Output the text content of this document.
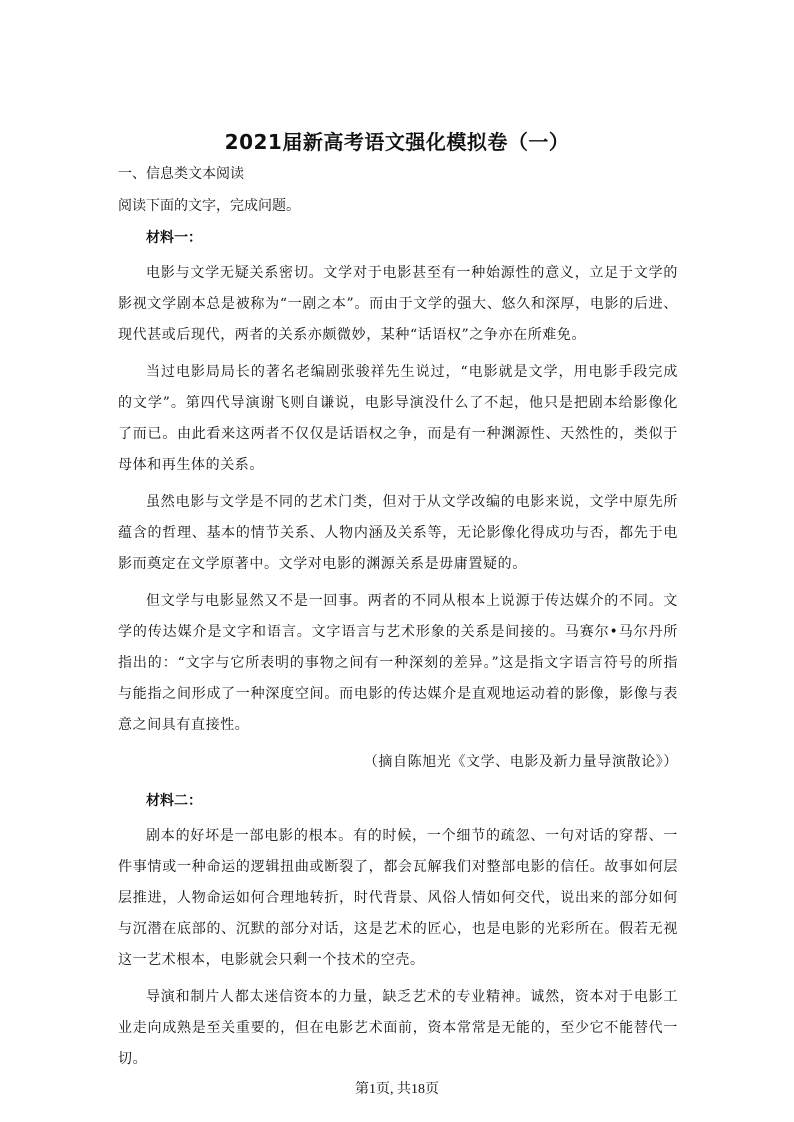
2021届新高考语文强化模拟卷（一）
一、信息类文本阅读
阅读下面的文字，完成问题。
材料一：

电影与文学无疑关系密切。文学对于电影甚至有一种始源性的意义，立足于文学的影视文学剧本总是被称为“一剧之本”。而由于文学的强大、悠久和深厚，电影的后进、现代甚或后现代，两者的关系亦颇微妙，某种“话语权”之争亦在所难免。

当过电影局局长的著名老编剧张骏祥先生说过，“电影就是文学，用电影手段完成的文学”。第四代导演谢飞则自谦说，电影导演没什么了不起，他只是把剧本给影像化了而已。由此看来这两者不仅仅是话语权之争，而是有一种渊源性、天然性的，类似于母体和再生体的关系。

虽然电影与文学是不同的艺术门类，但对于从文学改编的电影来说，文学中原先所蕴含的哲理、基本的情节关系、人物内涵及关系等，无论影像化得成功与否，都先于电影而奠定在文学原著中。文学对电影的渊源关系是毋庸置疑的。

但文学与电影显然又不是一回事。两者的不同从根本上说源于传达媒介的不同。文学的传达媒介是文字和语言。文字语言与艺术形象的关系是间接的。马赛尔•马尔丹所指出的：“文字与它所表明的事物之间有一种深刻的差异。”这是指文字语言符号的所指与能指之间形成了一种深度空间。而电影的传达媒介是直观地运动着的影像，影像与表意之间具有直接性。

（摘自陈旭光《文学、电影及新力量导演散论》）
材料二：

剧本的好坏是一部电影的根本。有的时候，一个细节的疏忽、一句对话的穿帮、一件事情或一种命运的逻辑扭曲或断裂了，都会瓦解我们对整部电影的信任。故事如何层层推进，人物命运如何合理地转折，时代背景、风俗人情如何交代，说出来的部分如何与沉潜在底部的、沉默的部分对话，这是艺术的匠心，也是电影的光彩所在。假若无视这一艺术根本，电影就会只剩一个技术的空壳。

导演和制片人都太迷信资本的力量，缺乏艺术的专业精神。诚然，资本对于电影工业走向成熟是至关重要的，但在电影艺术面前，资本常常是无能的，至少它不能替代一切。

第1页, 共18页
